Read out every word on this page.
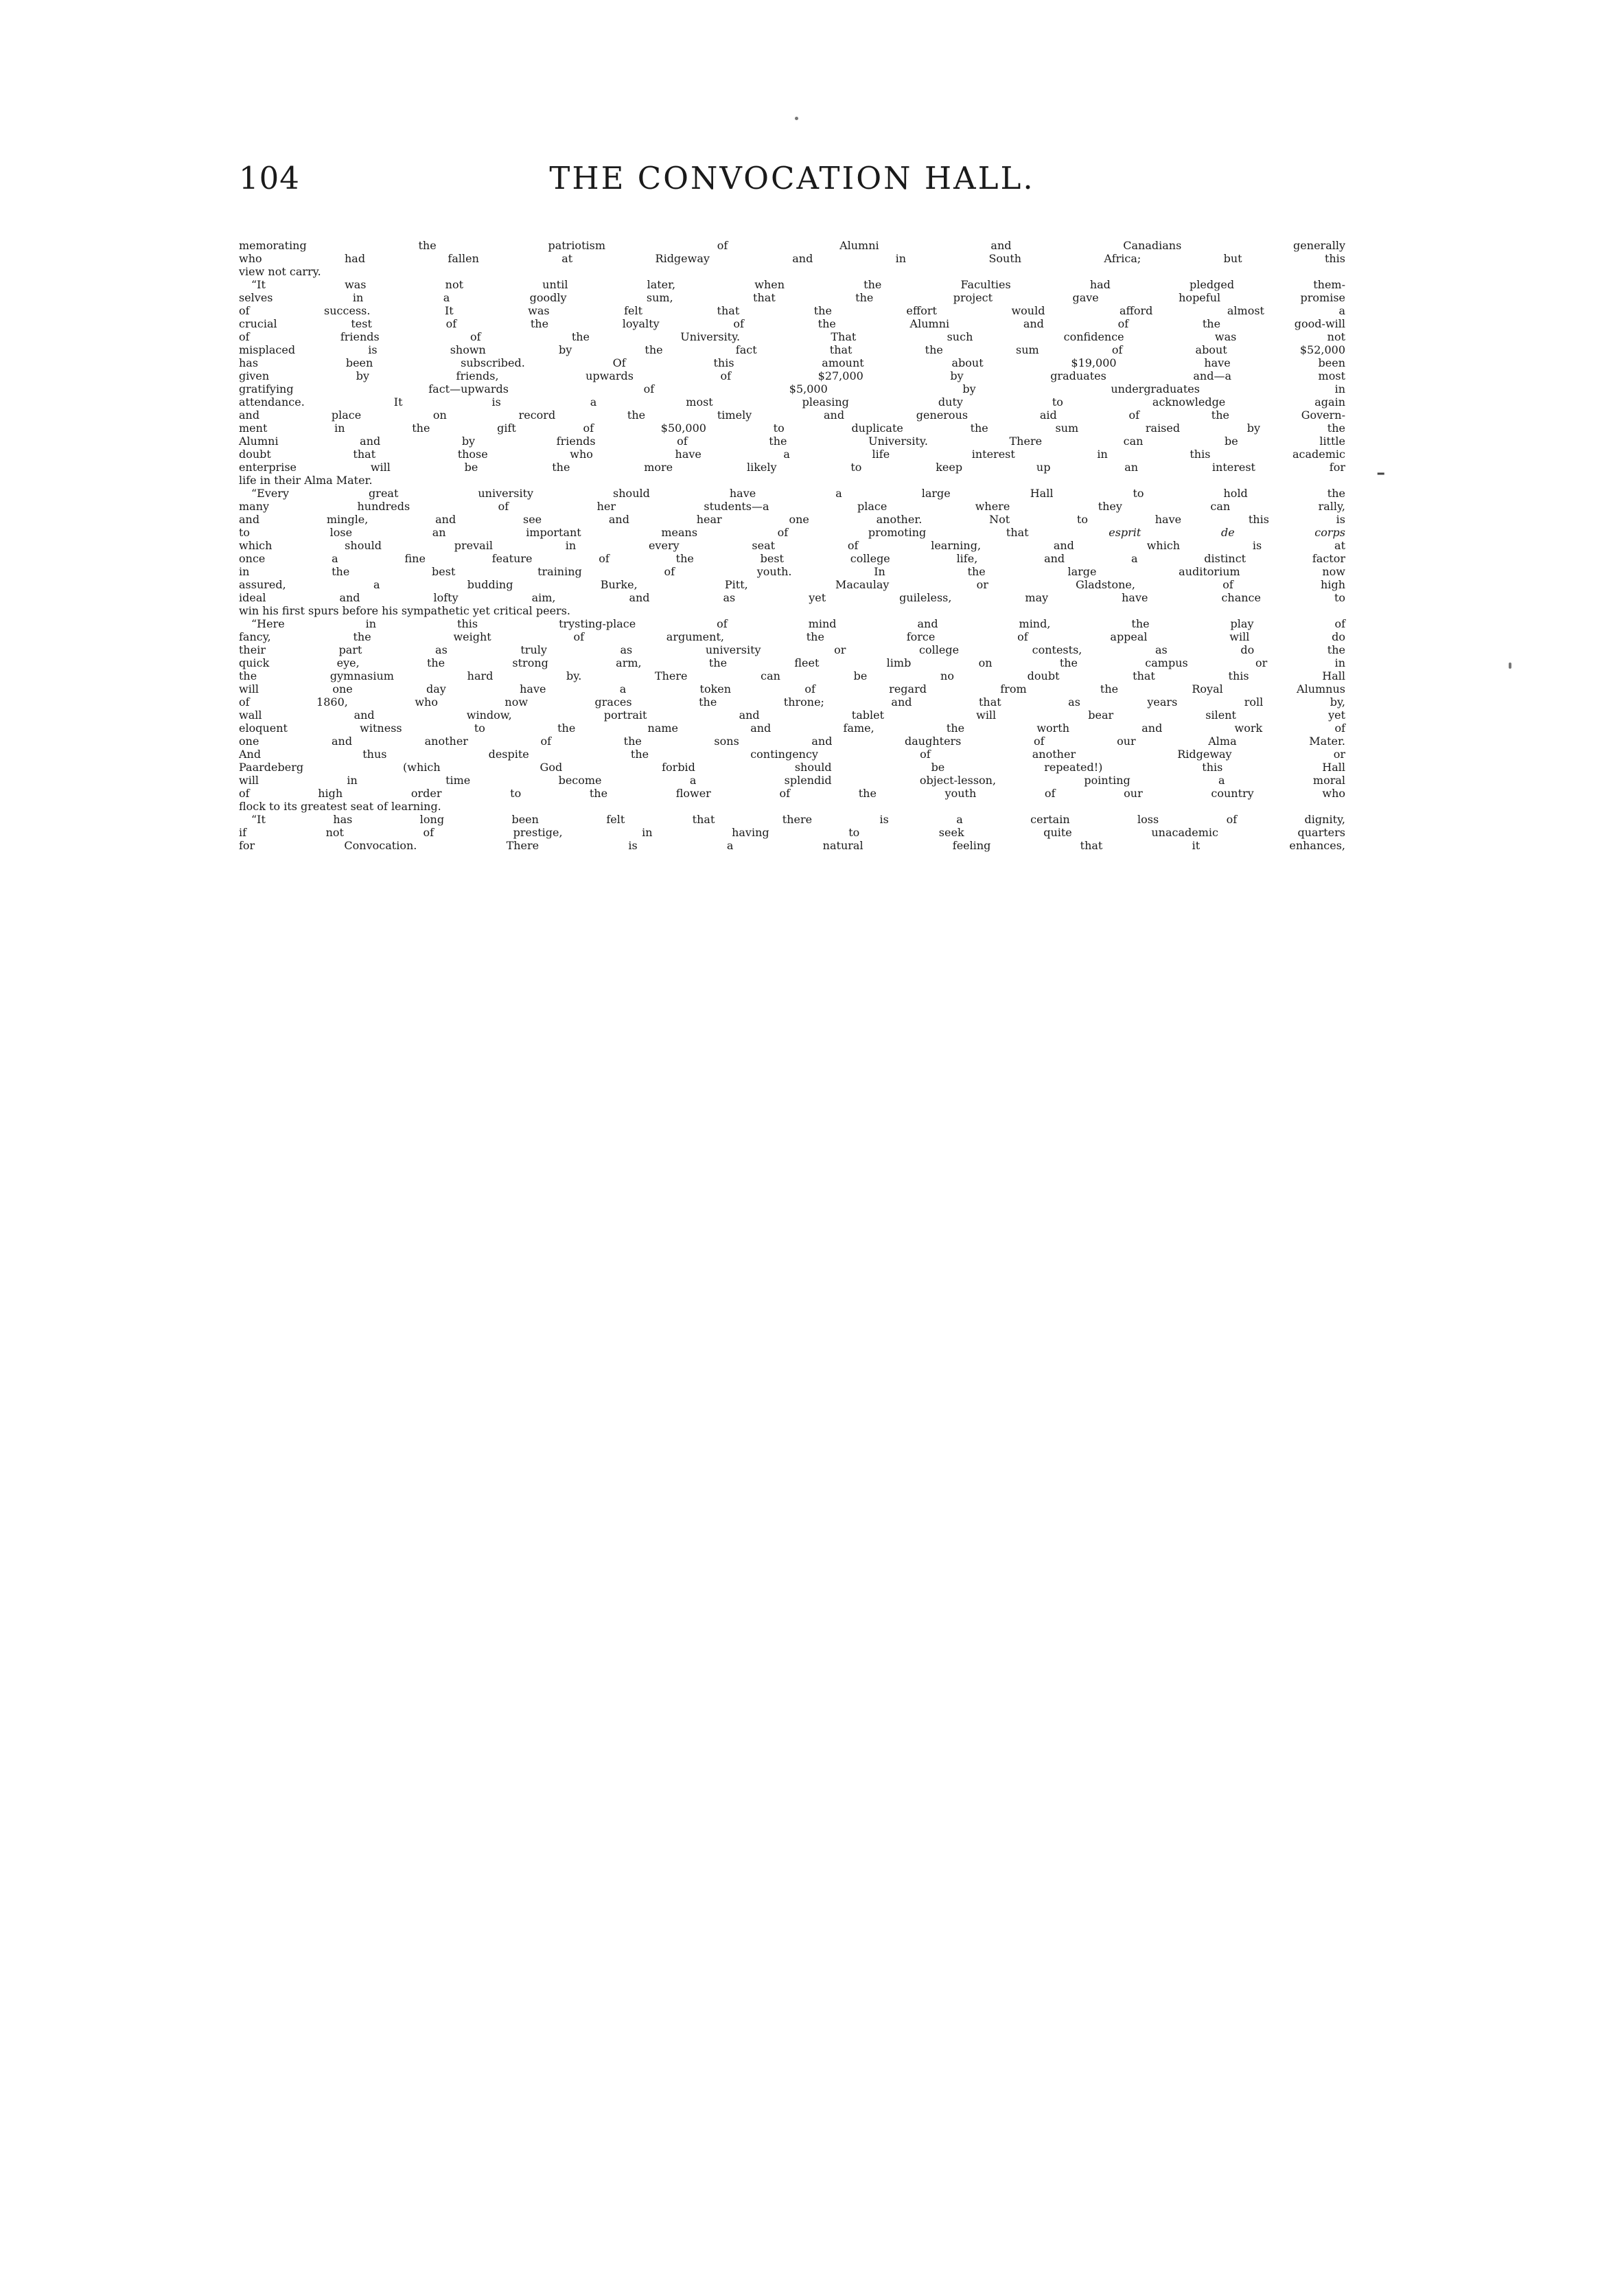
104	THE CONVOCATION HALL.
memorating the patriotism of Alumni and Canadians generally
who had fallen at Ridgeway and in South Africa; but this
view not carry.
“It was not until later, when the Faculties had pledged them-
selves in a goodly sum, that the project gave hopeful promise
of success. It was felt that the effort would afford almost a
crucial test of the loyalty of the Alumni and of the good-will
of friends of the University. That such confidence was not
misplaced is shown by the fact that the sum of about $52,000
has been subscribed. Of this amount about $19,000 have been
given by friends, upwards of $27,000 by graduates and—a most
gratifying fact—upwards of $5,000 by undergraduates in
attendance. It is a most pleasing duty to acknowledge again
and place on record the timely and generous aid of the Govern-
ment in the gift of $50,000 to duplicate the sum raised by the
Alumni and by friends of the University. There can be little
doubt that those who have a life interest in this academic
enterprise will be the more likely to keep up an interest for
life in their Alma Mater.
“Every great university should have a large Hall to hold the
many hundreds of her students—a place where they can rally,
and mingle, and see and hear one another. Not to have this is
to lose an important means of promoting that esprit de corps
which should prevail in every seat of learning, and which is at
once a fine feature of the best college life, and a distinct factor
in the best training of youth. In the large auditorium now
assured, a budding Burke, Pitt, Macaulay or Gladstone, of high
ideal and lofty aim, and as yet guileless, may have chance to
win his first spurs before his sympathetic yet critical peers.
“Here in this trysting-place of mind and mind, the play of
fancy, the weight of argument, the force of appeal will do
their part as truly as university or college contests, as do the
quick eye, the strong arm, the fleet limb on the campus or in
the gymnasium hard by. There can be no doubt that this Hall
will one day have a token of regard from the Royal Alumnus
of 1860, who now graces the throne; and that as years roll by,
wall and window, portrait and tablet will bear silent yet
eloquent witness to the name and fame, the worth and work of
one and another of the sons and daughters of our Alma Mater.
And thus despite the contingency of another Ridgeway or
Paardeberg (which God forbid should be repeated!) this Hall
will in time become a splendid object-lesson, pointing a moral
of high order to the flower of the youth of our country who
flock to its greatest seat of learning.
“It has long been felt that there is a certain loss of dignity,
if not of prestige, in having to seek quite unacademic quarters
for Convocation. There is a natural feeling that it enhances,
-
